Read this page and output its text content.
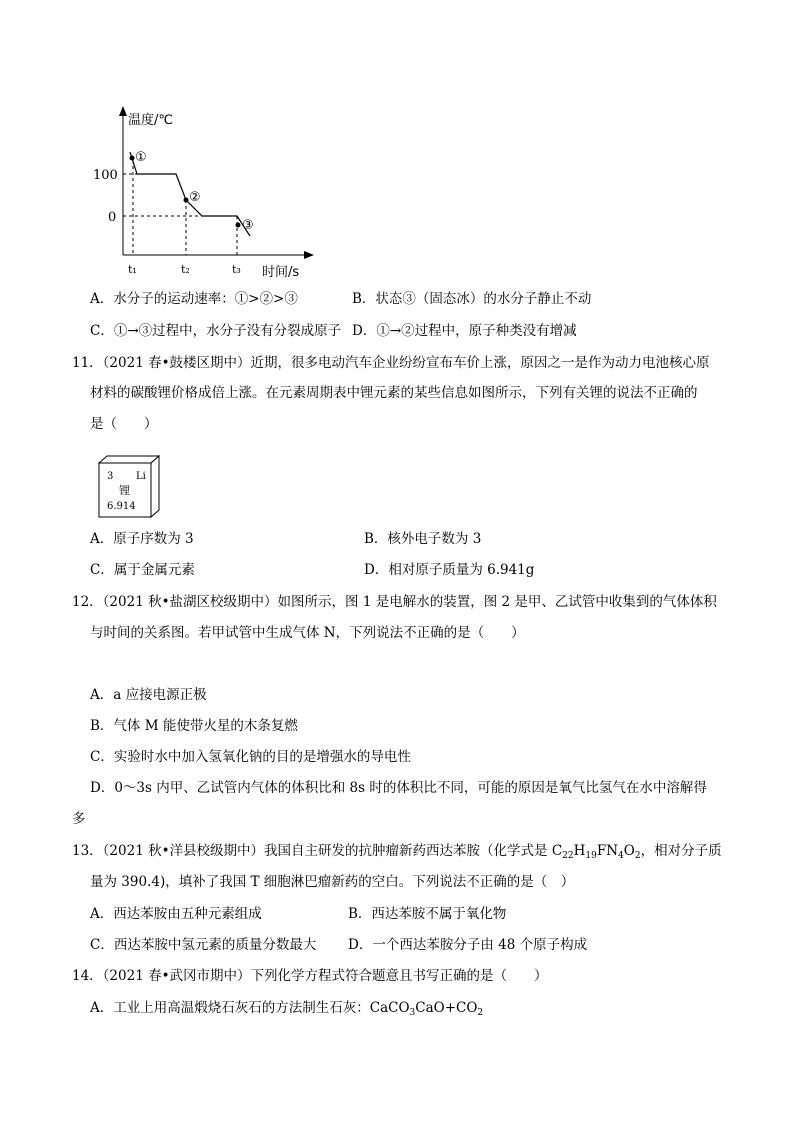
温度/℃
100
0
t₁	t₂	t₃ 时间/s
①
②
③
A．水分子的运动速率：①>②>③	B．状态③（固态冰）的水分子静止不动
C．①→③过程中，水分子没有分裂成原子 D．①→②过程中，原子种类没有增减
11．（2021 春•鼓楼区期中）近期，很多电动汽车企业纷纷宣布车价上涨，原因之一是作为动力电池核心原
材料的碳酸锂价格成倍上涨。在元素周期表中锂元素的某些信息如图所示，下列有关锂的说法不正确的
是（　　）
3 Li
锂
6.914
A．原子序数为 3	B．核外电子数为 3
C．属于金属元素	D．相对原子质量为 6.941g
12．（2021 秋•盐湖区校级期中）如图所示，图 1 是电解水的装置，图 2 是甲、乙试管中收集到的气体体积
与时间的关系图。若甲试管中生成气体 N，下列说法不正确的是（　　）
A．a 应接电源正极
B．气体 M 能使带火星的木条复燃
C．实验时水中加入氢氧化钠的目的是增强水的导电性
D．0～3s 内甲、乙试管内气体的体积比和 8s 时的体积比不同，可能的原因是氧气比氢气在水中溶解得
多
13．（2021 秋•洋县校级期中）我国自主研发的抗肿瘤新药西达苯胺（化学式是 $C_{22}H_{19}FN_4O_2$，相对分子质
量为 390.4)，填补了我国 T 细胞淋巴瘤新药的空白。下列说法不正确的是（　）
A．西达苯胺由五种元素组成	B．西达苯胺不属于氧化物
C．西达苯胺中氢元素的质量分数最大 D．一个西达苯胺分子由 48 个原子构成
14．（2021 春•武冈市期中）下列化学方程式符合题意且书写正确的是（　　）
A．工业上用高温煅烧石灰石的方法制生石灰：$CaCO_3CaO+CO_2$
